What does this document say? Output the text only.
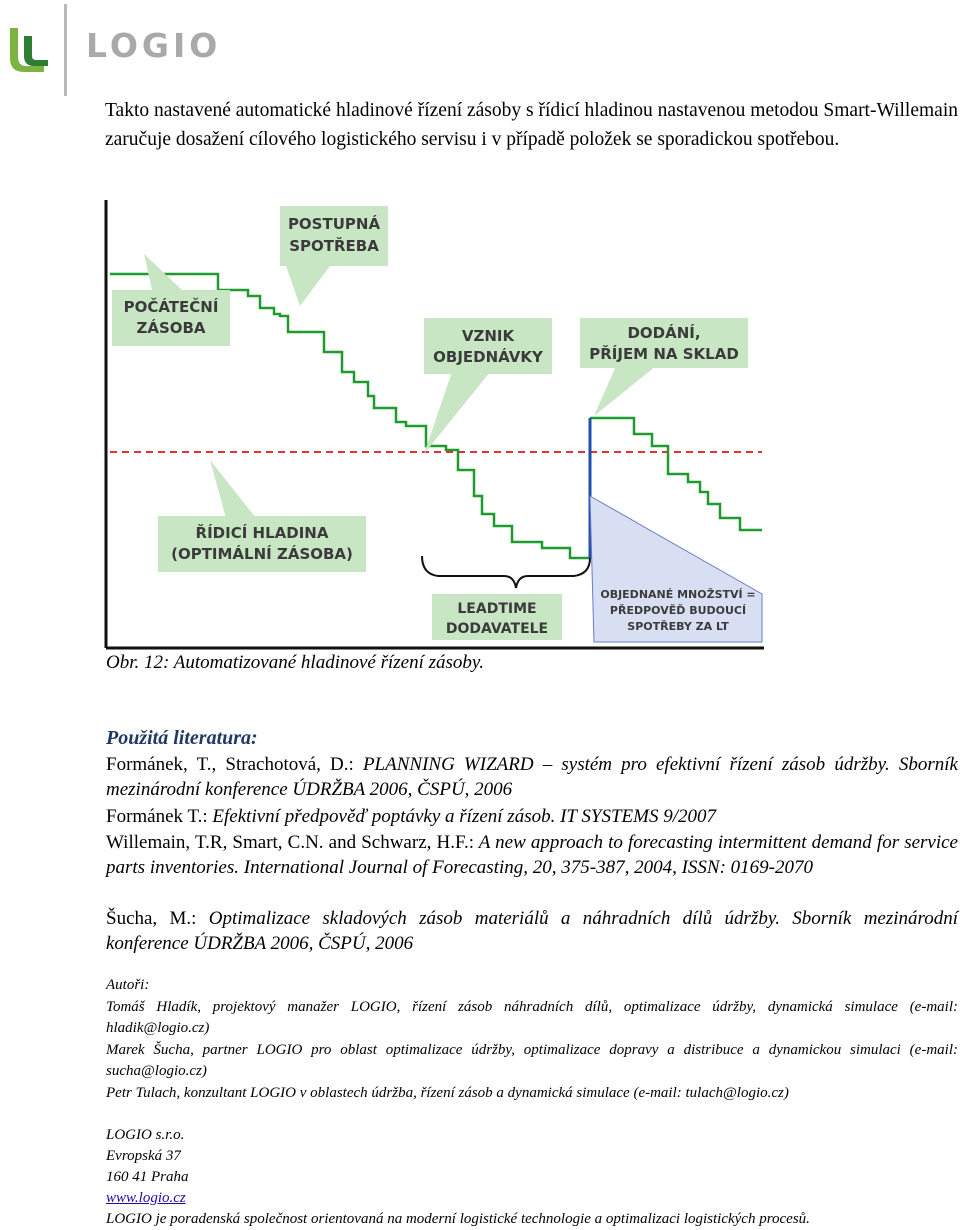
LOGIO

Takto nastavené automatické hladinové řízení zásoby s řídicí hladinou nastavenou metodou Smart-Willemain zaručuje dosažení cílového logistického servisu i v případě položek se sporadickou spotřebou.

POSTUPNÁ
SPOTŘEBA
POČÁTEČNÍ
ZÁSOBA	VZNIK
OBJEDNÁVKY
DODÁNÍ,
PŘÍJEM NA SKLAD
ŘÍDICÍ HLADINA
(OPTIMÁLNÍ ZÁSOBA)
LEADTIME
DODAVATELE
OBJEDNANÉ MNOŽSTVÍ =
PŘEDPOVĚĎ BUDOUCÍ
SPOTŘEBY ZA LT

Obr. 12: Automatizované hladinové řízení zásoby.

Použitá literatura:

Formánek, T., Strachotová, D.: PLANNING WIZARD – systém pro efektivní řízení zásob údržby. Sborník mezinárodní konference ÚDRŽBA 2006, ČSPÚ, 2006

Formánek T.: Efektivní předpověď poptávky a řízení zásob. IT SYSTEMS 9/2007

Willemain, T.R, Smart, C.N. and Schwarz, H.F.: A new approach to forecasting intermittent demand for service parts inventories. International Journal of Forecasting, 20, 375-387, 2004, ISSN: 0169-2070

Šucha, M.: Optimalizace skladových zásob materiálů a náhradních dílů údržby. Sborník mezinárodní konference ÚDRŽBA 2006, ČSPÚ, 2006

Autoři:

Tomáš Hladík, projektový manažer LOGIO, řízení zásob náhradních dílů, optimalizace údržby, dynamická simulace (e-mail: hladik@logio.cz)

Marek Šucha, partner LOGIO pro oblast optimalizace údržby, optimalizace dopravy a distribuce a dynamickou simulaci (e-mail: sucha@logio.cz)

Petr Tulach, konzultant LOGIO v oblastech údržba, řízení zásob a dynamická simulace (e-mail: tulach@logio.cz)

LOGIO s.r.o.

Evropská 37

160 41 Praha

www.logio.cz

LOGIO je poradenská společnost orientovaná na moderní logistické technologie a optimalizaci logistických procesů.
